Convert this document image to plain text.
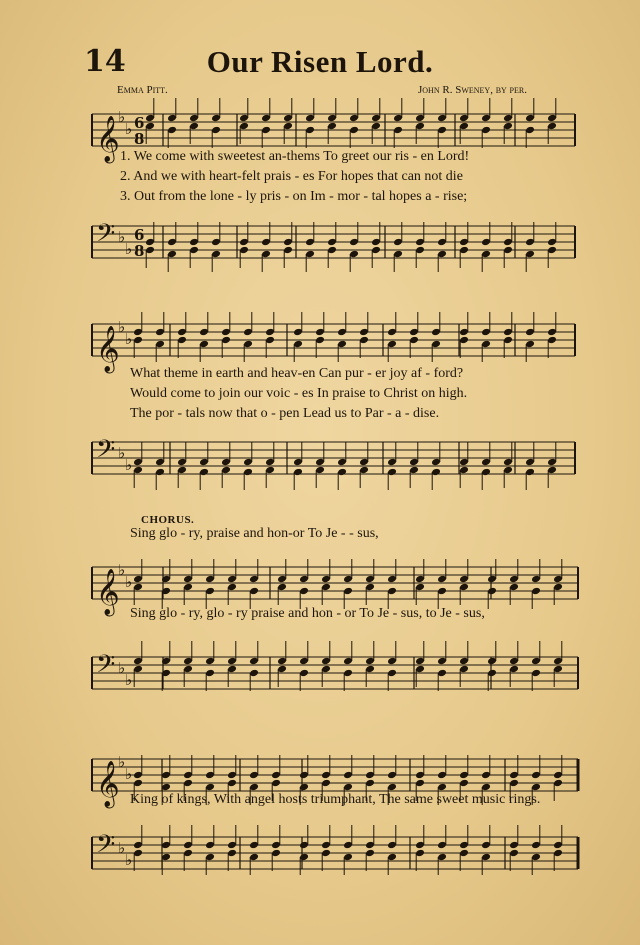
14	Our Risen Lord.
Emma Pitt.	John R. Sweney, by per.
𝄞
♭
♭ 6
8
𝄢 ♭
♭
6
8
1. We come with sweetest an-thems To greet our ris - en Lord!
2. And we with heart-felt prais - es For hopes that can not die
3. Out from the lone - ly pris - on Im - mor - tal hopes a - rise;
𝄞
♭
♭
𝄢 ♭
♭
What theme in earth and heav-en Can pur - er joy af - ford?
Would come to join our voic - es In praise to Christ on high.
The por - tals now that o - pen Lead us to Par - a - dise.
CHORUS.
Sing glo - ry, praise and hon-or To Je - - sus,
𝄞
♭
♭
Sing glo - ry, glo - ry praise and hon - or To Je - sus, to Je - sus,
𝄢 ♭
♭
𝄞
♭
♭
King of kings, With angel hosts triumphant, The same sweet music rings.
𝄢 ♭
♭
